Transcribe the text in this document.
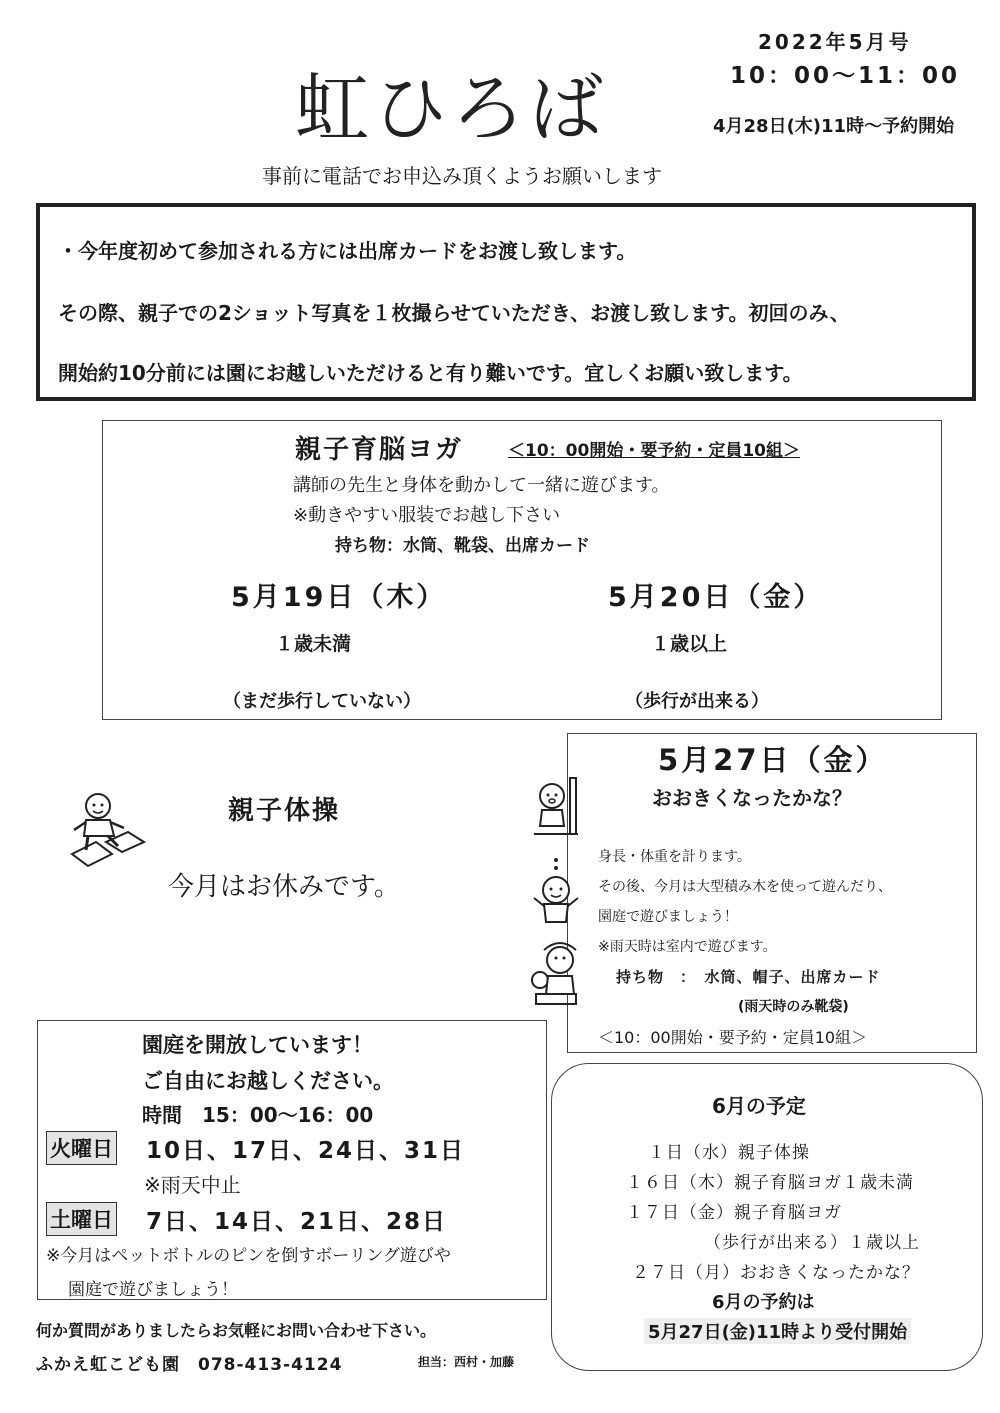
虹ひろば
2022年5月号
10：00〜11：00
4月28日(木)11時〜予約開始
事前に電話でお申込み頂くようお願いします
・今年度初めて参加される方には出席カードをお渡し致します。
その際、親子での2ショット写真を１枚撮らせていただき、お渡し致します。初回のみ、
開始約10分前には園にお越しいただけると有り難いです。宜しくお願い致します。
親子育脳ヨガ	＜10：00開始・要予約・定員10組＞
講師の先生と身体を動かして一緒に遊びます。
※動きやすい服装でお越し下さい
持ち物：水筒、靴袋、出席カード
5月19日（木）	5月20日（金）
１歳未満	１歳以上
（まだ歩行していない）	（歩行が出来る）
親子体操
今月はお休みです。
5月27日（金）
おおきくなったかな？
身長・体重を計ります。
その後、今月は大型積み木を使って遊んだり、
園庭で遊びましょう！
※雨天時は室内で遊びます。
持ち物　：　水筒、帽子、出席カード
(雨天時のみ靴袋)
＜10：00開始・要予約・定員10組＞
園庭を開放しています！
ご自由にお越しください。
時間　15：00〜16：00
火曜日 10日、17日、24日、31日
※雨天中止
土曜日 7日、14日、21日、28日
※今月はペットボトルのピンを倒すボーリング遊びや
園庭で遊びましょう！
6月の予定
１日（水）親子体操
１６日（木）親子育脳ヨガ１歳未満
１７日（金）親子育脳ヨガ
（歩行が出来る）１歳以上
２７日（月）おおきくなったかな？
6月の予約は
5月27日(金)11時より受付開始
何か質問がありましたらお気軽にお問い合わせ下さい。
ふかえ虹こども園　078-413-4124	担当：西村・加藤
